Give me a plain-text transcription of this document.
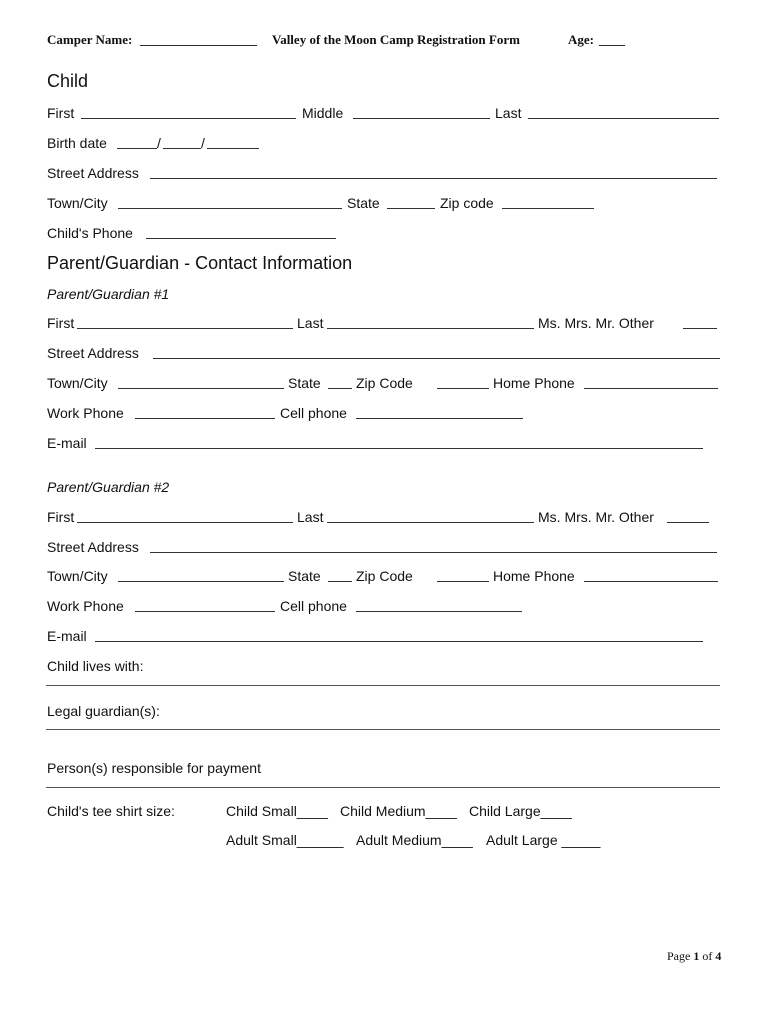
Camper Name: __________________ Valley of the Moon Camp Registration Form	Age: ____
Child
First	Middle	Last
Birth date	/	/
Street Address
Town/City	State	Zip code
Child's Phone
Parent/Guardian - Contact Information
Parent/Guardian #1
First	Last	Ms. Mrs. Mr. Other
Street Address
Town/City	State	Zip Code	Home Phone
Work Phone	Cell phone
E-mail
Parent/Guardian #2
First	Last	Ms. Mrs. Mr. Other
Street Address
Town/City	State	Zip Code	Home Phone
Work Phone	Cell phone
E-mail
Child lives with:
Legal guardian(s):
Person(s) responsible for payment
Child's tee shirt size:	Child Small____ Child Medium____ Child Large____
Adult Small______ Adult Medium____ Adult Large _____
Page 1 of 4
